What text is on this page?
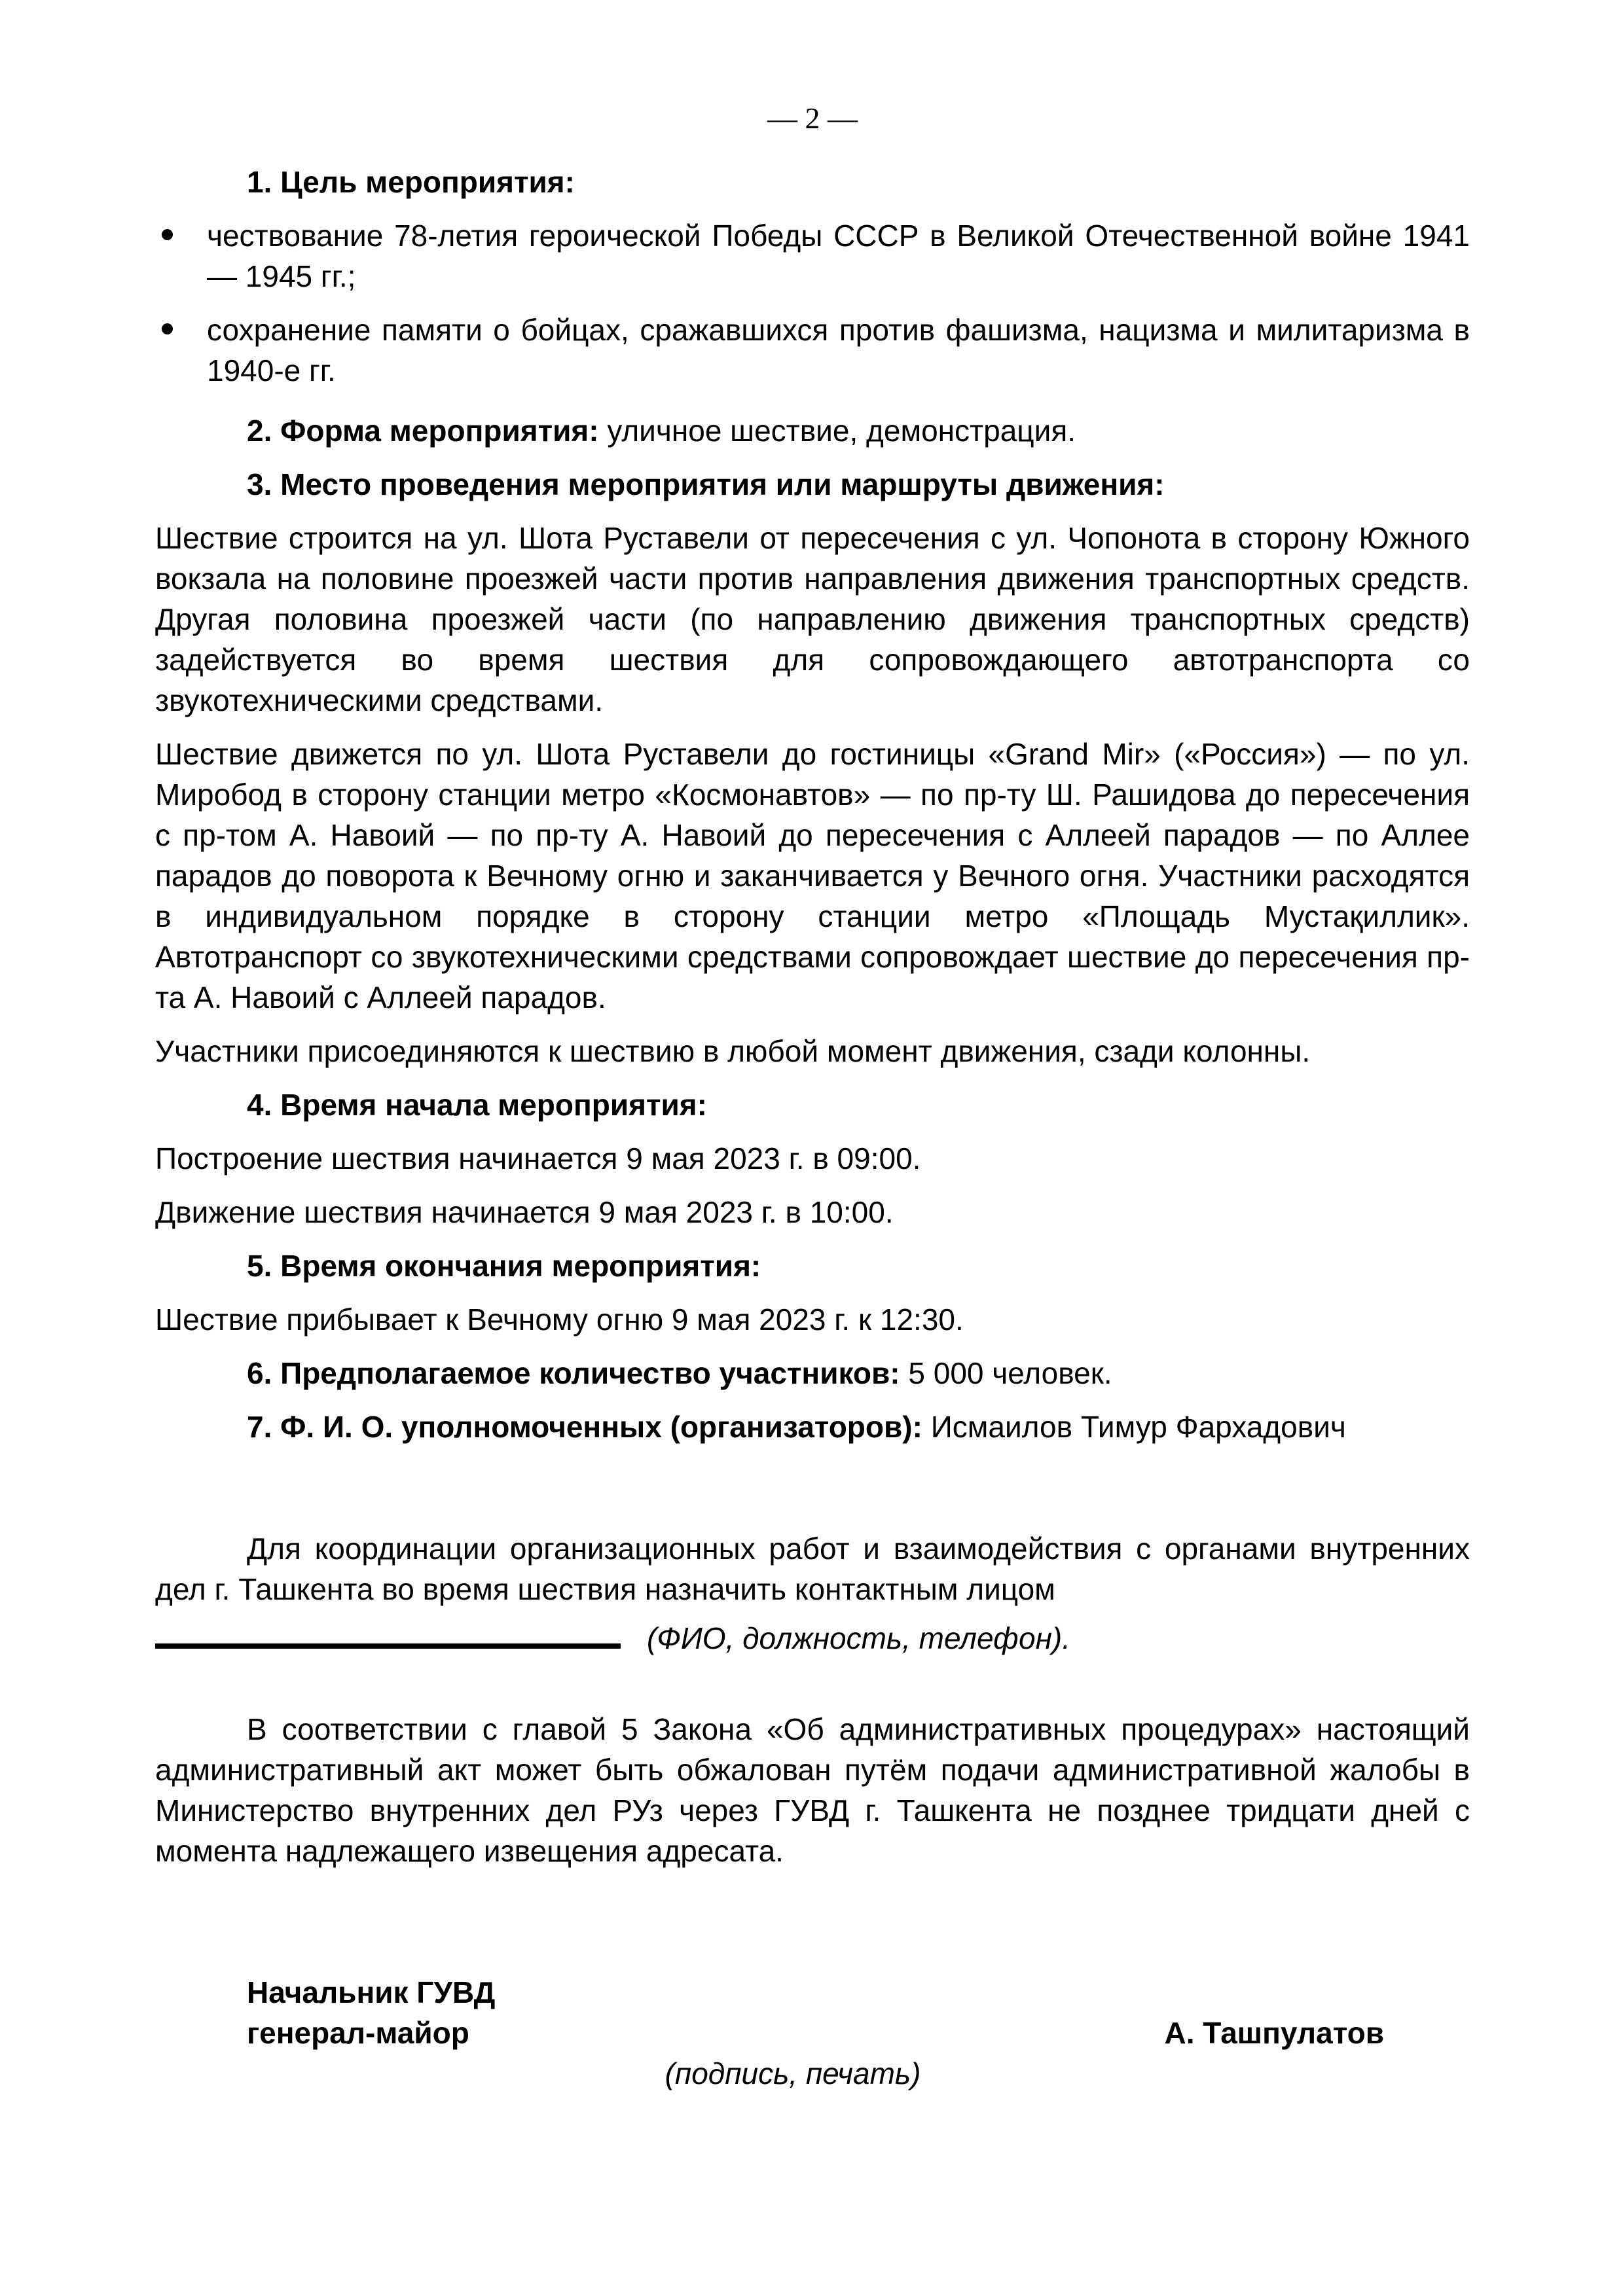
— 2 —

1. Цель мероприятия:

чествование 78-летия героической Победы СССР в Великой Отечественной войне 1941 — 1945 гг.;
сохранение памяти о бойцах, сражавшихся против фашизма, нацизма и милитаризма в 1940-е гг.

2. Форма мероприятия: уличное шествие, демонстрация.

3. Место проведения мероприятия или маршруты движения:

Шествие строится на ул. Шота Руставели от пересечения с ул. Чопонота в сторону Южного вокзала на половине проезжей части против направления движения транспортных средств. Другая половина проезжей части (по направлению движения транспортных средств) задействуется во время шествия для сопровождающего автотранспорта со звукотехническими средствами.

Шествие движется по ул. Шота Руставели до гостиницы «Grand Mir» («Россия») — по ул. Миробод в сторону станции метро «Космонавтов» — по пр-ту Ш. Рашидова до пересечения с пр-том А. Навоий — по пр-ту А. Навоий до пересечения с Аллеей парадов — по Аллее парадов до поворота к Вечному огню и заканчивается у Вечного огня. Участники расходятся в индивидуальном порядке в сторону станции метро «Площадь Мустақиллик». Автотранспорт со звукотехническими средствами сопровождает шествие до пересечения пр-та А. Навоий с Аллеей парадов.

Участники присоединяются к шествию в любой момент движения, сзади колонны.

4. Время начала мероприятия:

Построение шествия начинается 9 мая 2023 г. в 09:00.

Движение шествия начинается 9 мая 2023 г. в 10:00.

5. Время окончания мероприятия:

Шествие прибывает к Вечному огню 9 мая 2023 г. к 12:30.

6. Предполагаемое количество участников: 5 000 человек.

7. Ф. И. О. уполномоченных (организаторов): Исмаилов Тимур Фархадович

Для координации организационных работ и взаимодействия с органами внутренних дел г. Ташкента во время шествия назначить контактным лицом

(ФИО, должность, телефон).

В соответствии с главой 5 Закона «Об административных процедурах» настоящий административный акт может быть обжалован путём подачи административной жалобы в Министерство внутренних дел РУз через ГУВД г. Ташкента не позднее тридцати дней с момента надлежащего извещения адресата.

Начальник ГУВД
генерал-майор	А. Ташпулатов
(подпись, печать)
